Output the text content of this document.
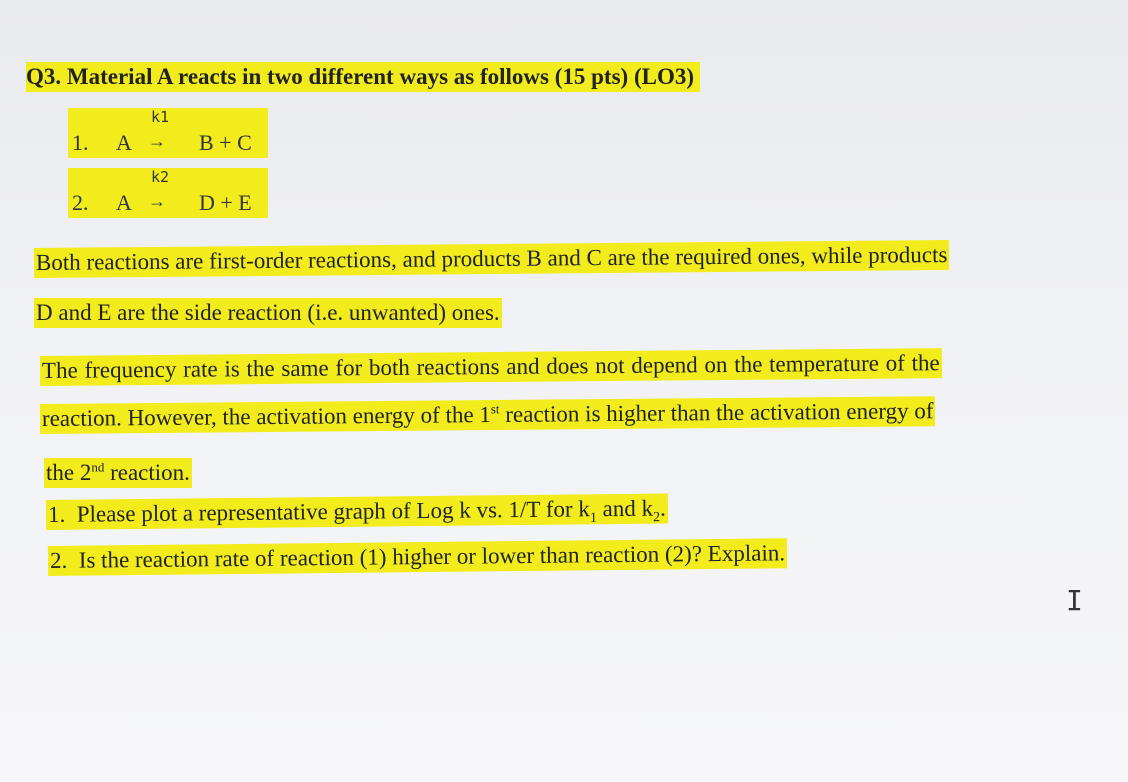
Q3. Material A reacts in two different ways as follows (15 pts) (LO3)
k1
1. A → B + C
k2
2. A → D + E
Both reactions are first-order reactions, and products B and C are the required ones, while products
D and E are the side reaction (i.e. unwanted) ones.
The frequency rate is the same for both reactions and does not depend on the temperature of the
reaction. However, the activation energy of the 1st reaction is higher than the activation energy of
the 2nd reaction.
1. Please plot a representative graph of Log k vs. 1/T for $k_1$ and $k_2$.
2. Is the reaction rate of reaction (1) higher or lower than reaction (2)? Explain.
I
